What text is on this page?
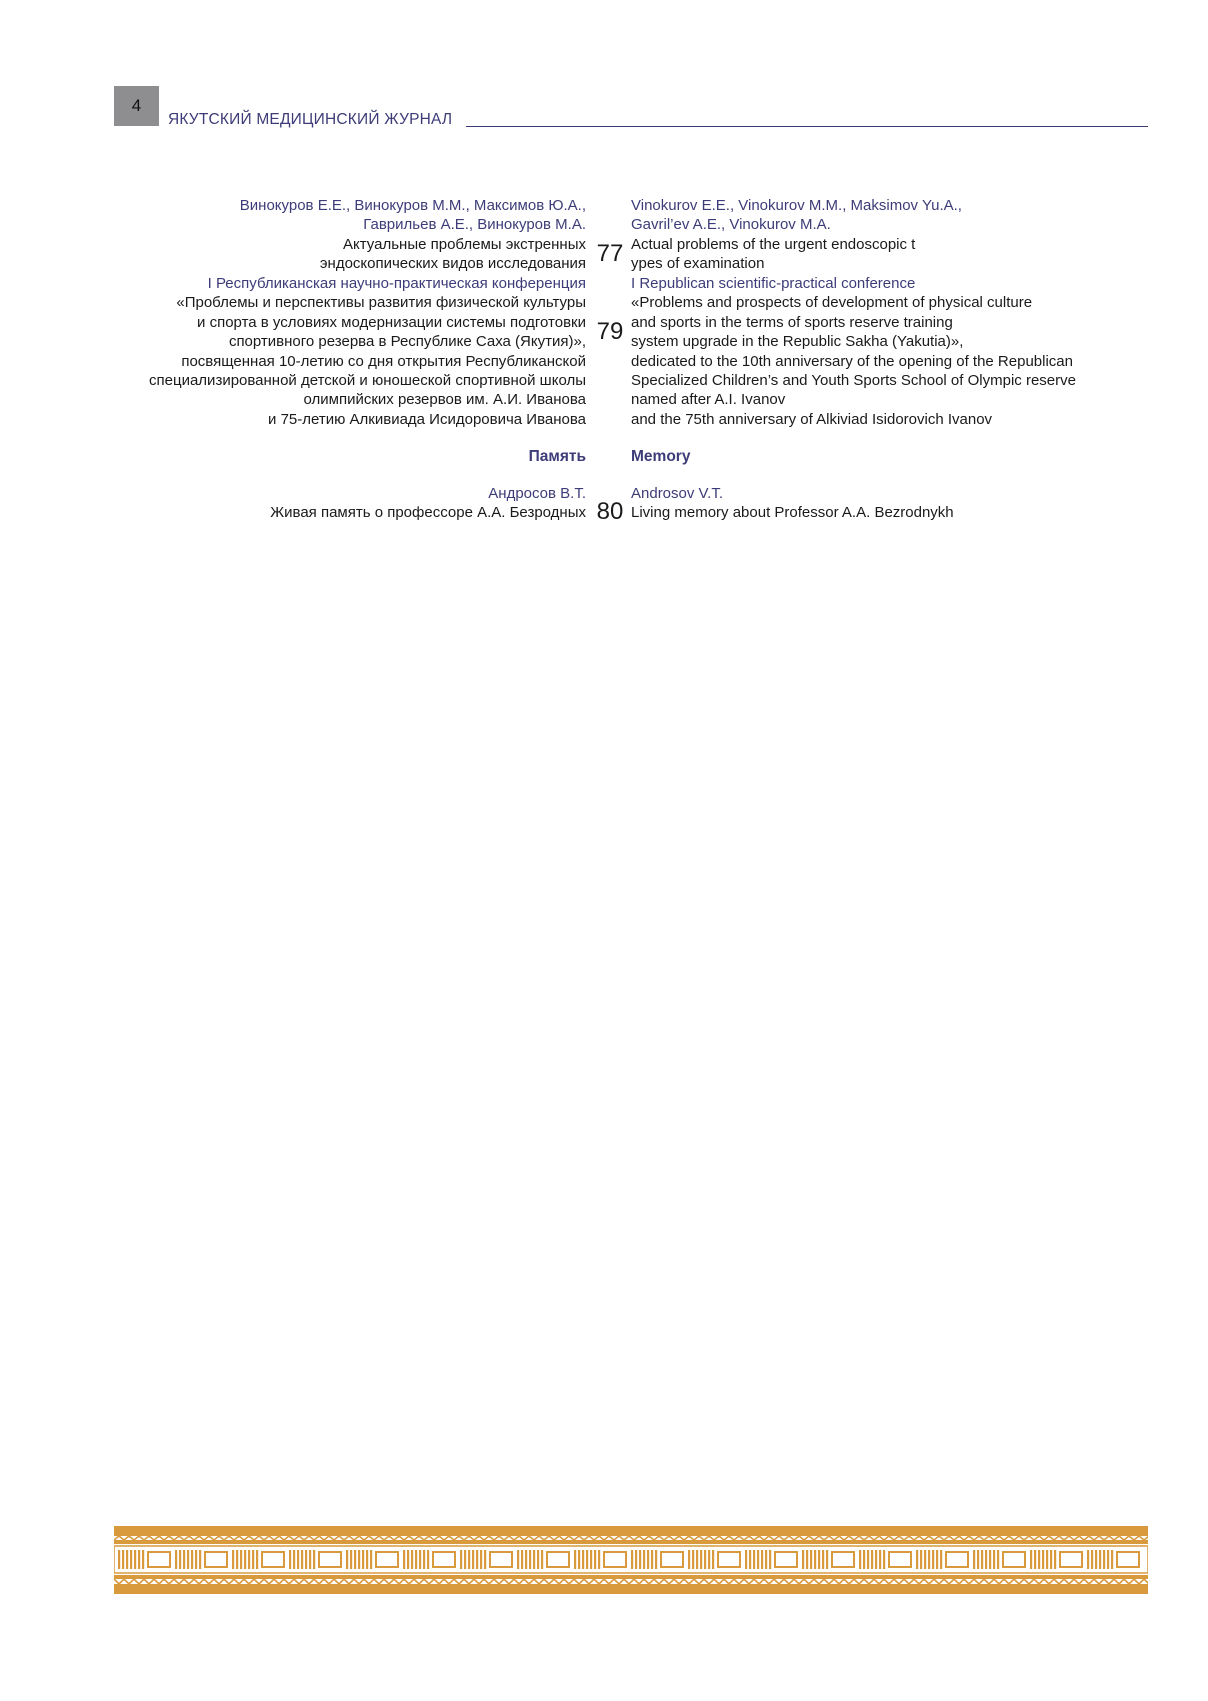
4
ЯКУТСКИЙ МЕДИЦИНСКИЙ ЖУРНАЛ
Винокуров Е.Е., Винокуров М.М., Максимов Ю.А.,
Гаврильев А.Е., Винокуров М.А.
Актуальные проблемы экстренных
эндоскопических видов исследования 77
Vinokurov E.E., Vinokurov M.M., Maksimov Yu.A.,
Gavril’ev A.E., Vinokurov M.A.
Actual problems of the urgent endoscopic t
ypes of examination
I Республиканская научно-практическая конференция
«Проблемы и перспективы развития физической культуры
и спорта в условиях модернизации системы подготовки
спортивного резерва в Республике Саха (Якутия)»,
посвященная 10-летию со дня открытия Республиканской
специализированной детской и юношеской спортивной школы
олимпийских резервов им. А.И. Иванова
и 75-летию Алкивиада Исидоровича Иванова
79
I Republican scientific-practical conference
«Problems and prospects of development of physical culture
and sports in the terms of sports reserve training
system upgrade in the Republic Sakha (Yakutia)»,
dedicated to the 10th anniversary of the opening of the Republican
Specialized Children’s and Youth Sports School of Olympic reserve
named after A.I. Ivanov
and the 75th anniversary of Alkiviad Isidorovich Ivanov
Память	Memory
Андросов В.Т.
Живая память о профессоре А.А. Безродных 80
Androsov V.T.
Living memory about Professor A.A. Bezrodnykh
